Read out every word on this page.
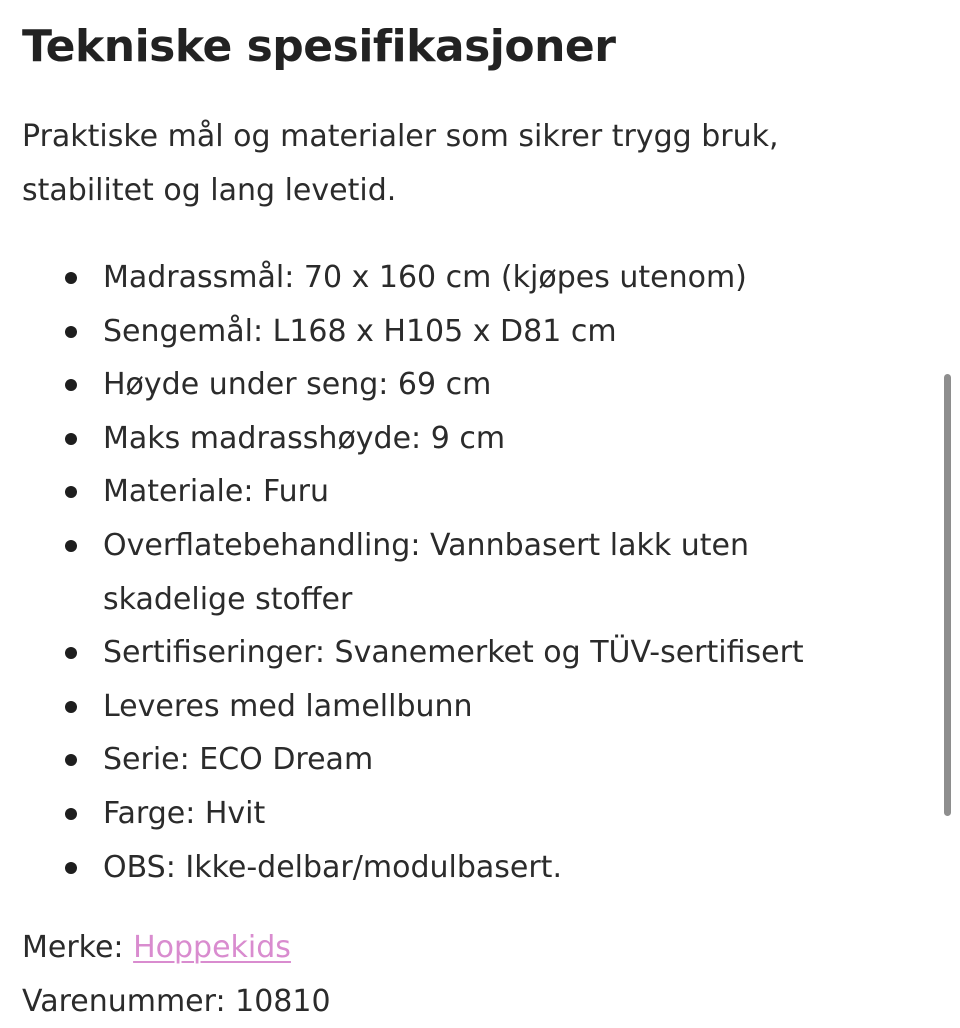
Tekniske spesifikasjoner

Praktiske mål og materialer som sikrer trygg bruk,
stabilitet og lang levetid.

Madrassmål: 70 x 160 cm (kjøpes utenom)
Sengemål: L168 x H105 x D81 cm
Høyde under seng: 69 cm
Maks madrasshøyde: 9 cm
Materiale: Furu
Overflatebehandling: Vannbasert lakk uten
skadelige stoffer
Sertifiseringer: Svanemerket og TÜV-sertifisert
Leveres med lamellbunn
Serie: ECO Dream
Farge: Hvit
OBS: Ikke-delbar/modulbasert.
Merke: Hoppekids
Varenummer: 10810
